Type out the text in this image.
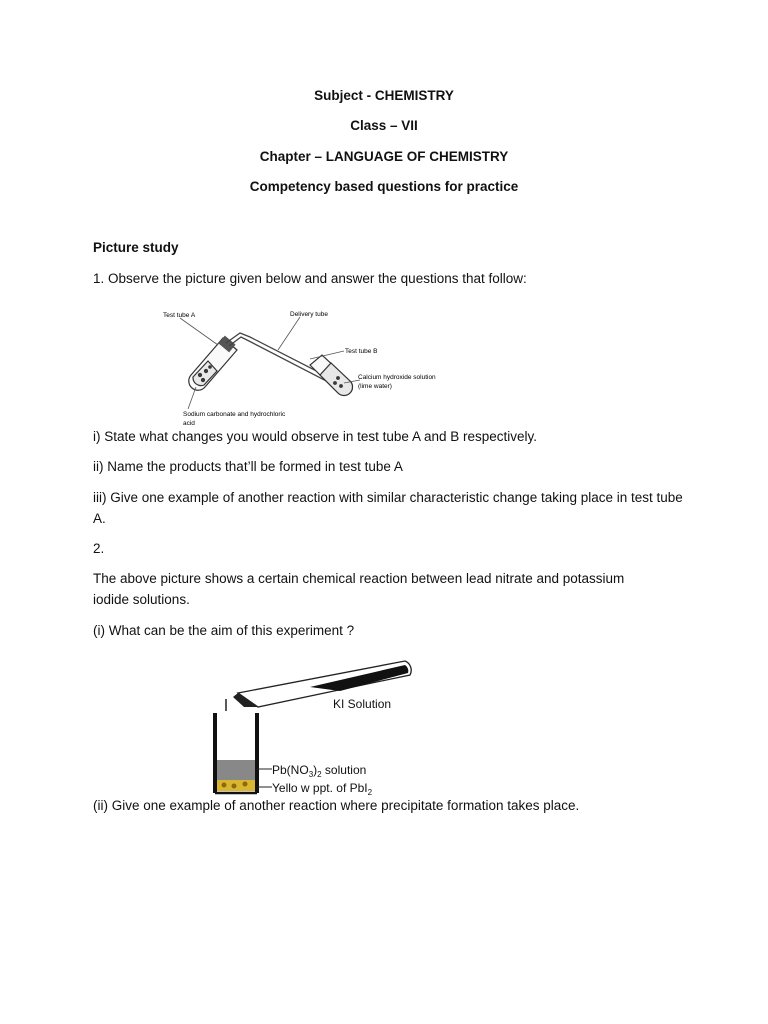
Subject - CHEMISTRY
Class – VII
Chapter – LANGUAGE OF CHEMISTRY
Competency based questions for practice
Picture study
1. Observe the picture given below and answer the questions that follow:
Test tube A	Delivery tube
Test tube B
Calcium hydroxide solution
(lime water)
Sodium carbonate and hydrochloric
acid
i) State what changes you would observe in test tube A and B respectively.
ii) Name the products that’ll be formed in test tube A
iii) Give one example of another reaction with similar characteristic change taking place in test tube A.
2.
The above picture shows a certain chemical reaction between lead nitrate and potassium iodide solutions.
(i) What can be the aim of this experiment ?
KI Solution
$Pb(NO_3)_2$ solution
Yello w ppt. of PbI$_2$
(ii) Give one example of another reaction where precipitate formation takes place.
